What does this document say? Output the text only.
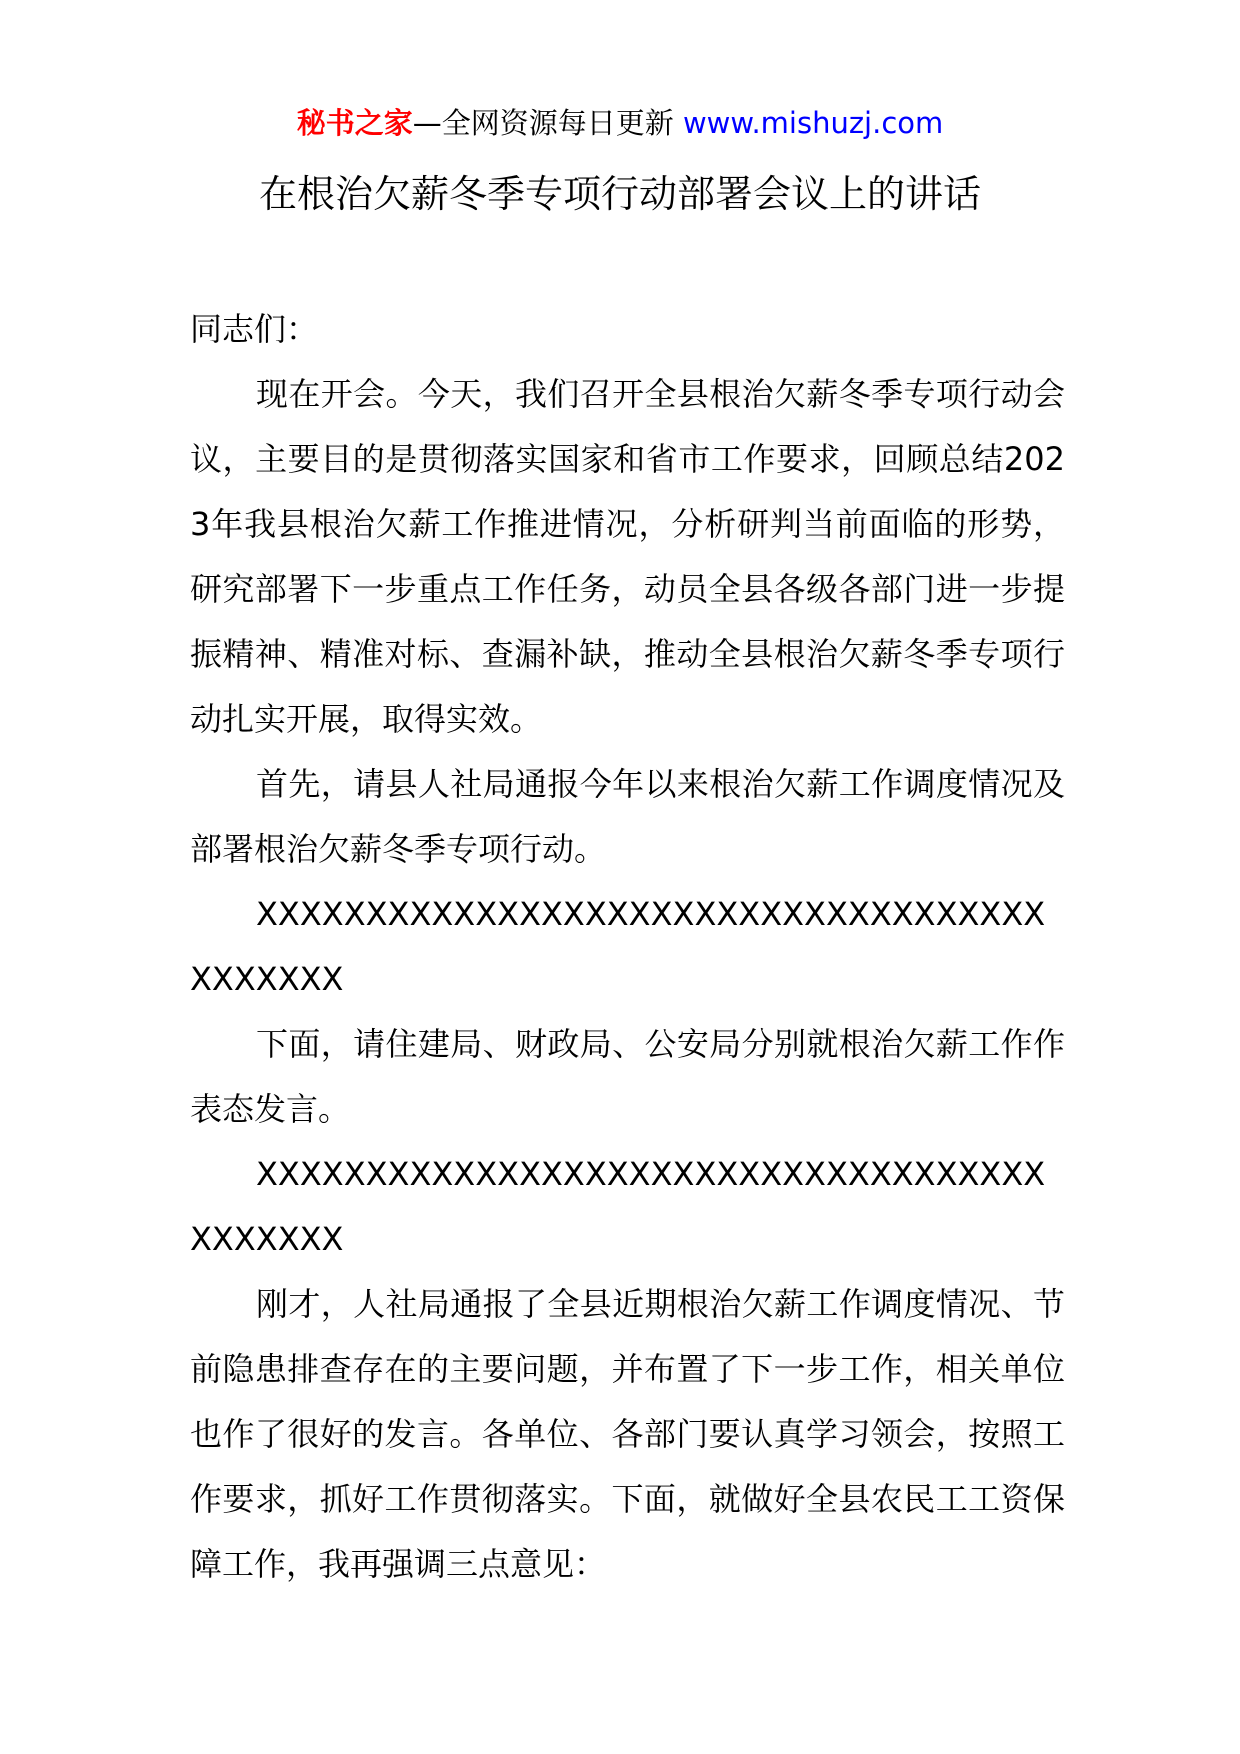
秘书之家—全网资源每日更新 www.mishuzj.com
在根治欠薪冬季专项行动部署会议上的讲话

同志们：

现在开会。今天，我们召开全县根治欠薪冬季专项行动会议，主要目的是贯彻落实国家和省市工作要求，回顾总结2023年我县根治欠薪工作推进情况，分析研判当前面临的形势，研究部署下一步重点工作任务，动员全县各级各部门进一步提振精神、精准对标、查漏补缺，推动全县根治欠薪冬季专项行动扎实开展，取得实效。

首先，请县人社局通报今年以来根治欠薪工作调度情况及部署根治欠薪冬季专项行动。

XXXXXXXXXXXXXXXXXXXXXXXXXXXXXXXXXXXXXXXXXXX

下面，请住建局、财政局、公安局分别就根治欠薪工作作表态发言。

XXXXXXXXXXXXXXXXXXXXXXXXXXXXXXXXXXXXXXXXXXX

刚才，人社局通报了全县近期根治欠薪工作调度情况、节前隐患排查存在的主要问题，并布置了下一步工作，相关单位也作了很好的发言。各单位、各部门要认真学习领会，按照工作要求，抓好工作贯彻落实。下面，就做好全县农民工工资保障工作，我再强调三点意见：
